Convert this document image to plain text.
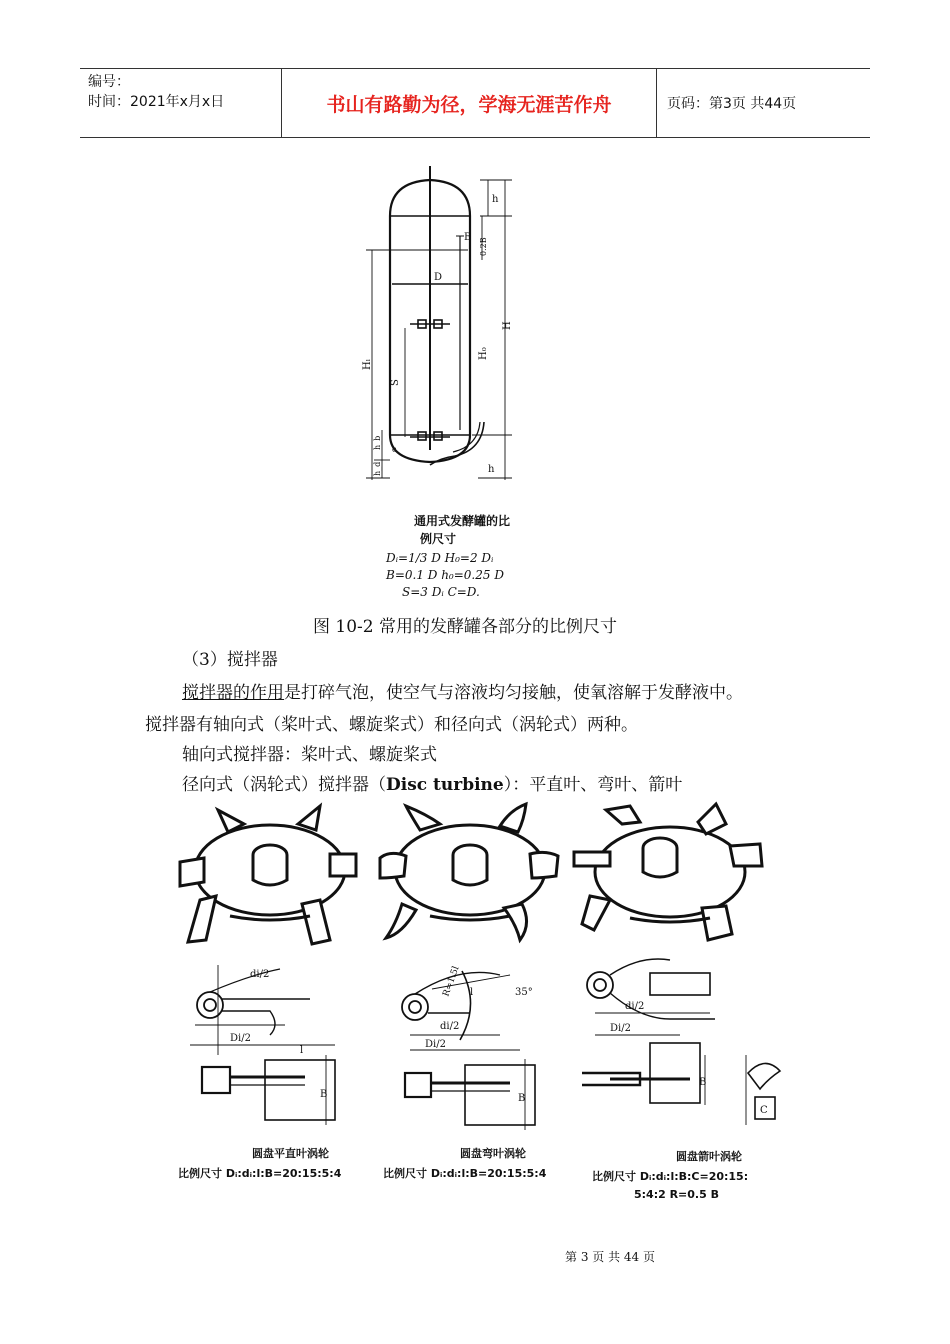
编号：
时间：2021年x月x日	书山有路勤为径，学海无涯苦作舟	页码：第3页 共44页
h
B 0.2B
D
H₀
H
Hₗ
S
h_b
h
h_d
c
通用式发酵罐的比
例尺寸
Dᵢ=1/3 D H₀=2 Dᵢ
B=0.1 D h₀=0.25 D
S=3 Dᵢ C=D.
图 10-2 常用的发酵罐各部分的比例尺寸
（3）搅拌器
搅拌器的作用是打碎气泡，使空气与溶液均匀接触，使氧溶解于发酵液中。
搅拌器有轴向式（桨叶式、螺旋桨式）和径向式（涡轮式）两种。
轴向式搅拌器：桨叶式、螺旋桨式
径向式（涡轮式）搅拌器（Disc turbine）：平直叶、弯叶、箭叶
di/2
Di/2
l
B
R=1.5l l	35°
di/2
Di/2
B
di/2
Di/2
B
C
圆盘平直叶涡轮
比例尺寸 Dᵢ:dᵢ:l:B=20:15:5:4
圆盘弯叶涡轮
比例尺寸 Dᵢ:dᵢ:l:B=20:15:5:4
圆盘箭叶涡轮
比例尺寸 Dᵢ:dᵢ:l:B:C=20:15:
5:4:2 R=0.5 B
第 3 页 共 44 页
